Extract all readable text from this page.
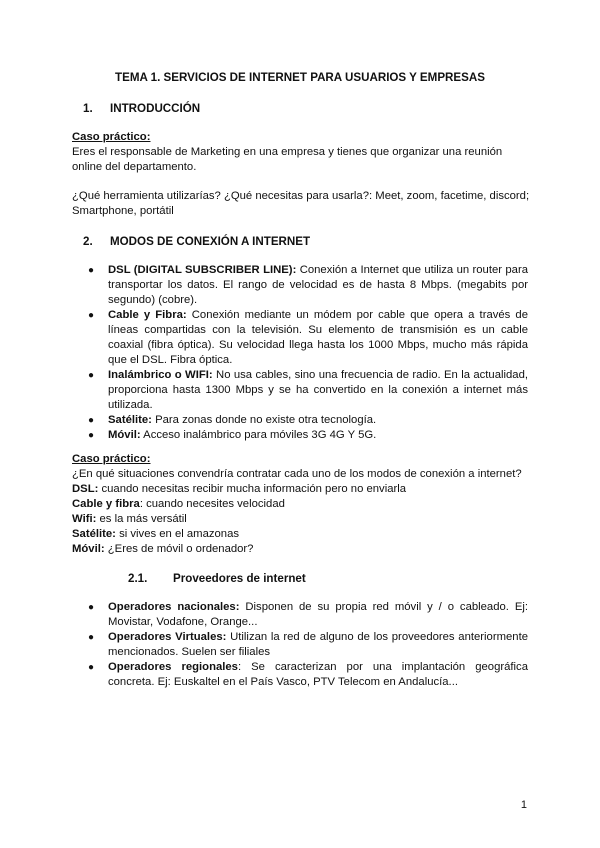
TEMA 1. SERVICIOS DE INTERNET PARA USUARIOS Y EMPRESAS
1. INTRODUCCIÓN
Caso práctico:
Eres el responsable de Marketing en una empresa y tienes que organizar una reunión online del departamento.
¿Qué herramienta utilizarías? ¿Qué necesitas para usarla?: Meet, zoom, facetime, discord; Smartphone, portátil
2. MODOS DE CONEXIÓN A INTERNET
● DSL (DIGITAL SUBSCRIBER LINE): Conexión a Internet que utiliza un router para transportar los datos. El rango de velocidad es de hasta 8 Mbps. (megabits por segundo) (cobre).
● Cable y Fibra: Conexión mediante un módem por cable que opera a través de líneas compartidas con la televisión. Su elemento de transmisión es un cable coaxial (fibra óptica). Su velocidad llega hasta los 1000 Mbps, mucho más rápida que el DSL. Fibra óptica.
● Inalámbrico o WIFI: No usa cables, sino una frecuencia de radio. En la actualidad, proporciona hasta 1300 Mbps y se ha convertido en la conexión a internet más utilizada.
● Satélite: Para zonas donde no existe otra tecnología.
● Móvil: Acceso inalámbrico para móviles 3G 4G Y 5G.
Caso práctico:
¿En qué situaciones convendría contratar cada uno de los modos de conexión a internet?
DSL: cuando necesitas recibir mucha información pero no enviarla
Cable y fibra: cuando necesites velocidad
Wifi: es la más versátil
Satélite: si vives en el amazonas
Móvil: ¿Eres de móvil o ordenador?
2.1. Proveedores de internet
● Operadores nacionales: Disponen de su propia red móvil y / o cableado. Ej: Movistar, Vodafone, Orange...
● Operadores Virtuales: Utilizan la red de alguno de los proveedores anteriormente mencionados. Suelen ser filiales
● Operadores regionales: Se caracterizan por una implantación geográfica concreta. Ej: Euskaltel en el País Vasco, PTV Telecom en Andalucía...
1
